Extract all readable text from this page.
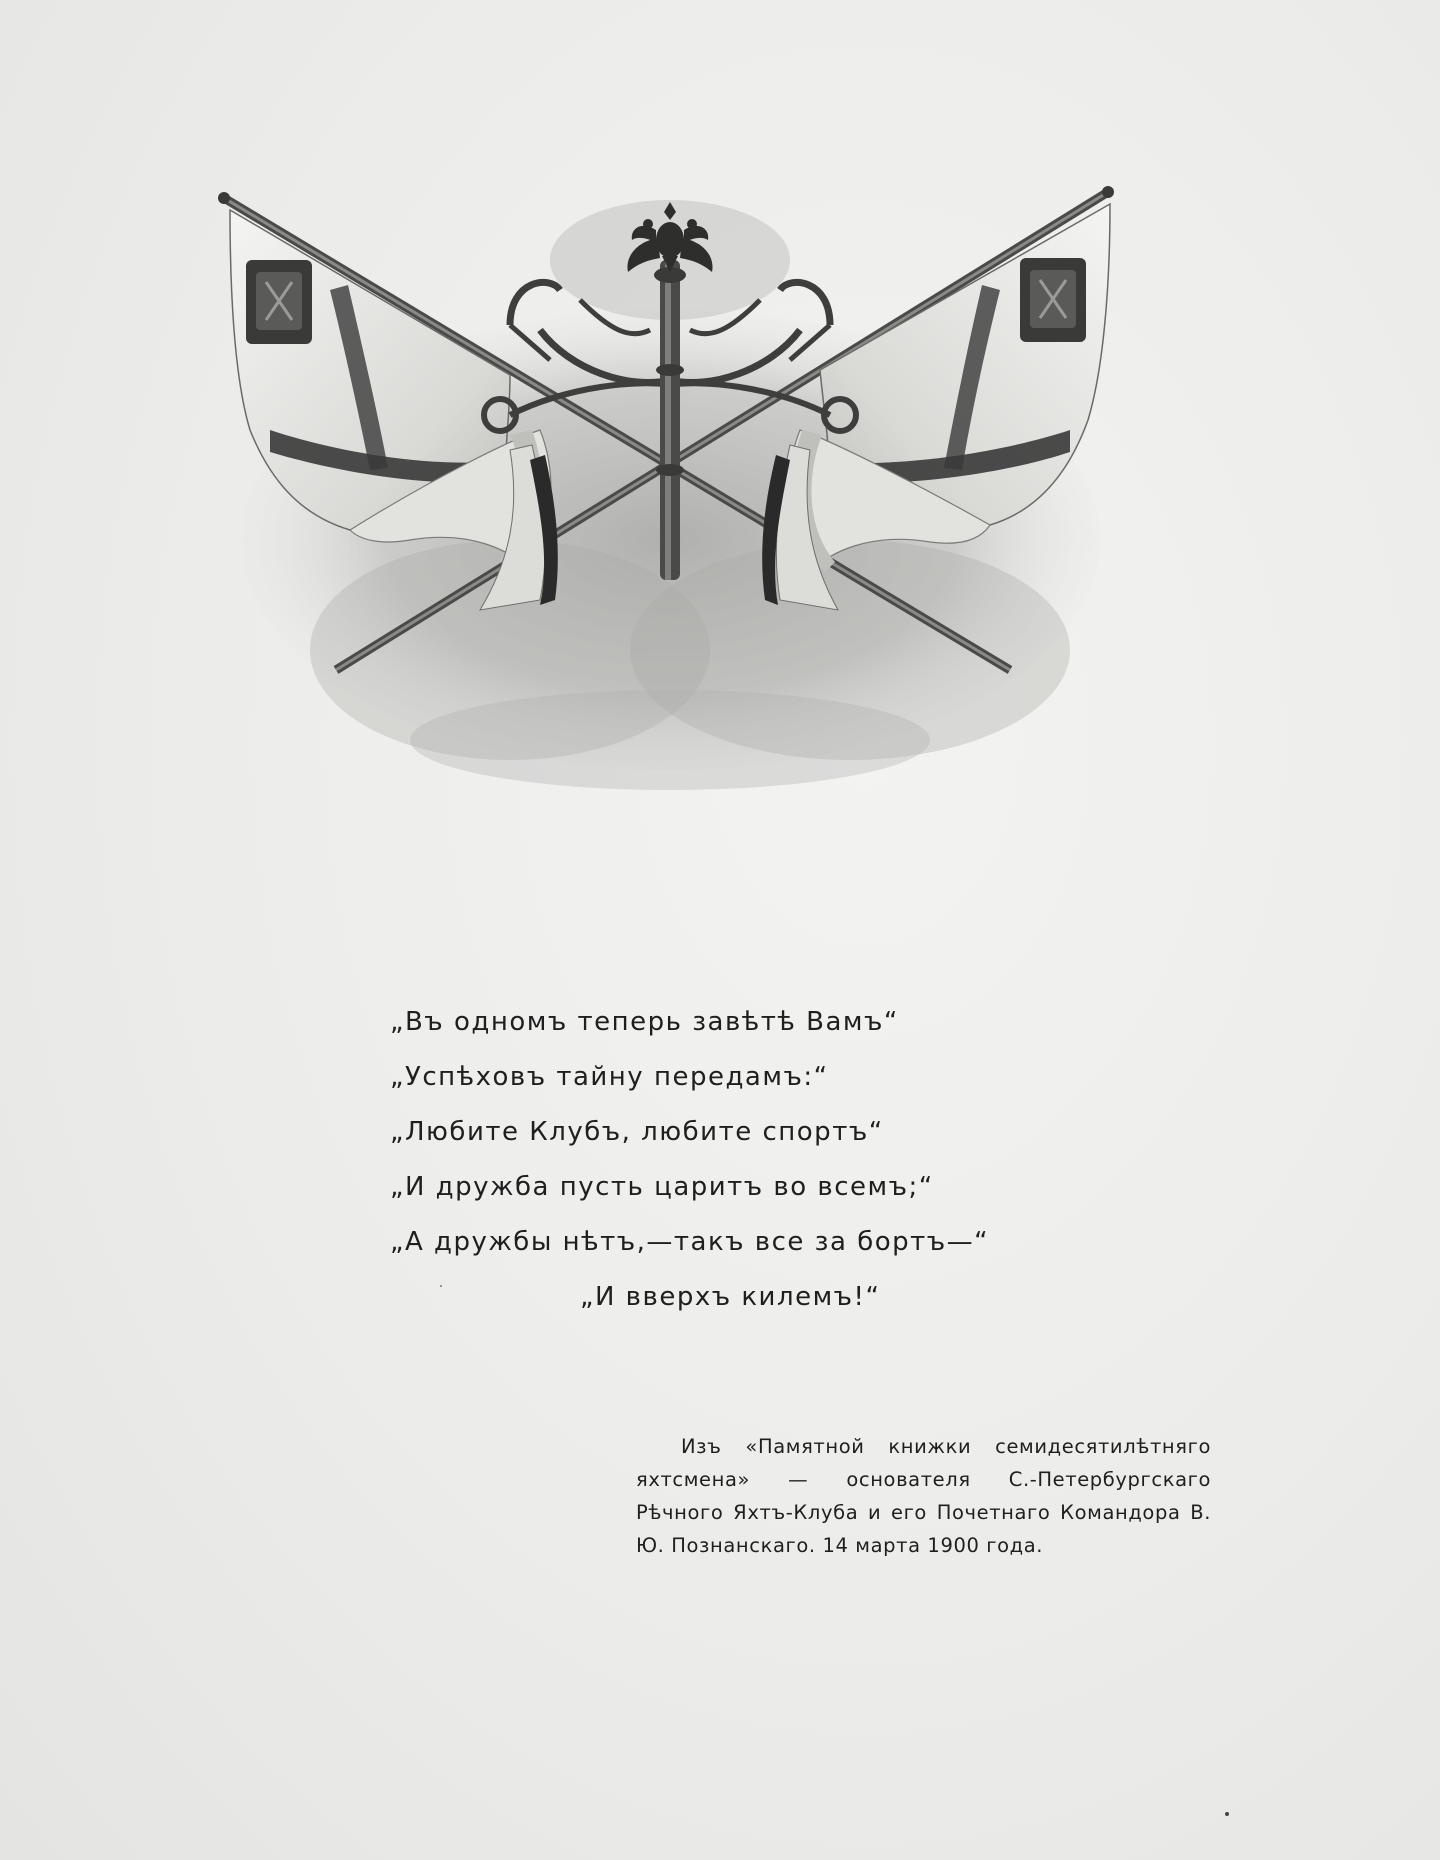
„Въ одномъ теперь завѣтѣ Вамъ“
„Успѣховъ тайну передамъ:“
„Любите Клубъ, любите спортъ“
„И дружба пусть царитъ во всемъ;“
„А дружбы нѣтъ,—такъ все за бортъ—“
„И вверхъ килемъ!“
Изъ «Памятной книжки семидесятилѣтняго яхтсмена» — основателя С.-Петербургскаго Рѣчного Яхтъ-Клуба и его Почетнаго Командора В. Ю. Познанскаго. 14 марта 1900 года.
